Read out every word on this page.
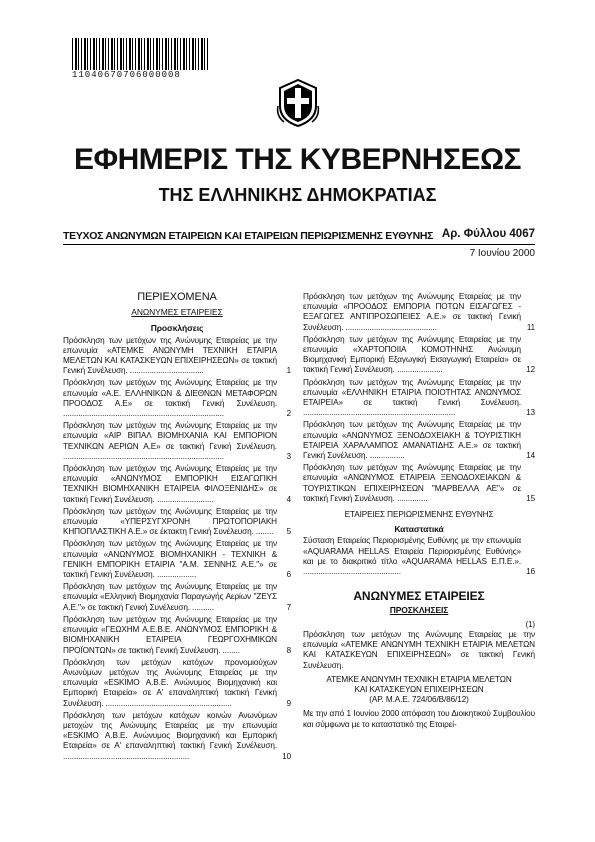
11040670706000008
ΕΦΗΜΕΡΙΣ ΤΗΣ ΚΥΒΕΡΝΗΣΕΩΣ
ΤΗΣ ΕΛΛΗΝΙΚΗΣ ΔΗΜΟΚΡΑΤΙΑΣ
ΤΕΥΧΟΣ ΑΝΩΝΥΜΩΝ ΕΤΑΙΡΕΙΩΝ ΚΑΙ ΕΤΑΙΡΕΙΩΝ ΠΕΡΙΩΡΙΣΜΕΝΗΣ ΕΥΘΥΝΗΣ Αρ. Φύλλου 4067
7 Ιουνίου 2000
ΠΕΡΙΕΧΟΜΕΝΑ
ΑΝΩΝΥΜΕΣ ΕΤΑΙΡΕΙΕΣ
Προσκλήσεις
Πρόσκληση των μετόχων της Ανώνυμης Εταιρείας με την επωνυμία «ΑΤΕΜΚΕ ΑΝΩΝΥΜΗ ΤΕΧΝΙΚΗ ΕΤΑΙΡΙΑ ΜΕΛΕΤΩΝ ΚΑΙ ΚΑΤΑΣΚΕΥΩΝ ΕΠΙΧΕΙΡΗΣΕΩΝ» σε τακτική Γενική Συνέλευση. ..................................	1
Πρόσκληση των μετόχων της Ανώνυμης Εταιρείας με την επωνυμία «Α.Ε. ΕΛΛΗΝΙΚΩΝ & ΔΙΕΘΝΩΝ ΜΕΤΑΦΟΡΩΝ ΠΡΟΟΔΟΣ Α.Ε» σε τακτική Γενική Συνέλευση. ..........................................................................	2
Πρόσκληση των μετόχων της Ανώνυμης Εταιρείας με την επωνυμία «ΑΙΡ ΒΙΠΑΛ ΒΙΟΜΗΧΑΝΙΑ ΚΑΙ ΕΜΠΟΡΙΟΝ ΤΕΧΝΙΚΩΝ ΑΕΡΙΩΝ Α.Ε» σε τακτική Γενική Συνέλευση. ..........................................................................	3
Πρόσκληση των μετόχων της Ανώνυμης Εταιρείας με την επωνυμία «ΑΝΩΝΥΜΟΣ ΕΜΠΟΡΙΚΗ ΕΙΣΑΓΩΓΙΚΗ ΤΕΧΝΙΚΗ ΒΙΟΜΗΧΑΝΙΚΗ ΕΤΑΙΡΕΙΑ ΦΙΛΟΞΕΝΙΔΗΣ» σε τακτική Γενική Συνέλευση. ..........................	4
Πρόσκληση των μετόχων της Ανώνυμης Εταιρείας με την επωνυμία «ΥΠΕΡΣΥΓΧΡΟΝΗ ΠΡΩΤΟΠΟΡΙΑΚΗ ΚΗΠΟΠΛΑΣΤΙΚΗ Α.Ε.» σε έκτακτη Γενική Συνέλευση. ........ 5
Πρόσκληση των μετόχων της Ανώνυμης Εταιρείας με την επωνυμία «ΑΝΩΝΥΜΟΣ ΒΙΟΜΗΧΑΝΙΚΗ - ΤΕΧΝΙΚΗ & ΓΕΝΙΚΗ ΕΜΠΟΡΙΚΗ ΕΤΑΙΡΙΑ "Α.Μ. ΣΕΝΝΗΣ Α.Ε."» σε τακτική Γενική Συνέλευση. ..................	6
Πρόσκληση των μετόχων της Ανώνυμης Εταιρείας με την επωνυμία «Ελληνική Βιομηχανία Παραγωγής Αερίων "ΖΕΥΣ Α.Ε."» σε τακτική Γενική Συνέλευση. ..........	7
Πρόσκληση των μετόχων της Ανώνυμης Εταιρείας με την επωνυμία «ΓΕΩΧΗΜ Α.Ε.Β.Ε. ΑΝΩΝΥΜΟΣ ΕΜΠΟΡΙΚΗ & ΒΙΟΜΗΧΑΝΙΚΗ ΕΤΑΙΡΕΙΑ ΓΕΩΡΓΟΧΗΜΙΚΩΝ ΠΡΟΪΟΝΤΩΝ» σε τακτική Γενική Συνέλευση. ........	8
Πρόσκληση των μετόχων κατόχων προνομιούχων Ανωνύμων μετόχων της Ανώνυμης Εταιρείας με την επωνυμία «ESKIMO Α.Β.Ε. Ανώνυμος Βιομηχανική και Εμπορική Εταιρεία» σε Α' επαναληπτική τακτική Γενική Συνέλευση. ..........................................................	9
Πρόσκληση των μετόχων κατόχων κοινών Ανωνύμων μετοχών της Ανώνυμης Εταιρείας με την επωνυμία «ESKIMO Α.Β.Ε. Ανώνυμος Βιομηχανική και Εμπορική Εταιρεία» σε Α' επαναληπτική τακτική Γενική Συνέλευση. ..........................................................	10
Πρόσκληση των μετόχων της Ανώνυμης Εταιρείας με την επωνυμία «ΠΡΟΟΔΟΣ ΕΜΠΟΡΙΑ ΠΟΤΩΝ ΕΙΣΑΓΩΓΕΣ - ΕΞΑΓΩΓΕΣ ΑΝΤΙΠΡΟΣΩΠΕΙΕΣ Α.Ε.» σε τακτική Γενική Συνέλευση. ..........................................	11
Πρόσκληση των μετόχων της Ανώνυμης Εταιρείας με την επωνυμία «ΧΑΡΤΟΠΟΙΙΑ ΚΟΜΟΤΗΝΗΣ Ανώνυμη Βιομηχανική Εμπορική Εξαγωγική Εισαγωγική Εταιρεία» σε τακτική Γενική Συνέλευση. .....................	12
Πρόσκληση των μετόχων της Ανώνυμης Εταιρείας με την επωνυμία «ΕΛΛΗΝΙΚΗ ΕΤΑΙΡΙΑ ΠΟΙΟΤΗΤΑΣ ΑΝΩΝΥΜΟΣ ΕΤΑΙΡΕΙΑ» σε τακτική Γενική Συνέλευση. ......................................................................	13
Πρόσκληση των μετόχων της Ανώνυμης Εταιρείας με την επωνυμία «ΑΝΩΝΥΜΟΣ ΞΕΝΟΔΟΧΕΙΑΚΗ & ΤΟΥΡΙΣΤΙΚΗ ΕΤΑΙΡΕΙΑ ΧΑΡΑΛΑΜΠΟΣ ΑΜΑΝΑΤΙΔΗΣ Α.Ε.» σε τακτική Γενική Συνέλευση. ................	14
Πρόσκληση των μετόχων της Ανώνυμης Εταιρείας με την επωνυμία «ΑΝΩΝΥΜΟΣ ΕΤΑΙΡΕΙΑ ΞΕΝΟΔΟΧΕΙΑΚΩΝ & ΤΟΥΡΙΣΤΙΚΩΝ ΕΠΙΧΕΙΡΗΣΕΩΝ "ΜΑΡΒΕΛΛΑ ΑΕ"» σε τακτική Γενική Συνέλευση. ..............	15
ΕΤΑΙΡΕΙΕΣ ΠΕΡΙΩΡΙΣΜΕΝΗΣ ΕΥΘΥΝΗΣ
Καταστατικά
Σύσταση Εταιρείας Περιορισμένης Ευθύνης με την επωνυμία «AQUARAMA HELLAS Εταιρεία Περιορισμένης Ευθύνης» και με το διακριτικό τίτλο «AQUARAMA HELLAS Ε.Π.Ε.». .............................................	16
ΑΝΩΝΥΜΕΣ ΕΤΑΙΡΕΙΕΣ
ΠΡΟΣΚΛΗΣΕΙΣ
(1)
Πρόσκληση των μετόχων της Ανώνυμης Εταιρείας με την επωνυμία «ΑΤΕΜΚΕ ΑΝΩΝΥΜΗ ΤΕΧΝΙΚΗ ΕΤΑΙΡΙΑ ΜΕΛΕΤΩΝ ΚΑΙ ΚΑΤΑΣΚΕΥΩΝ ΕΠΙΧΕΙΡΗΣΕΩΝ» σε τακτική Γενική Συνέλευση.
ΑΤΕΜΚΕ ΑΝΩΝΥΜΗ ΤΕΧΝΙΚΗ ΕΤΑΙΡΙΑ ΜΕΛΕΤΩΝ
ΚΑΙ ΚΑΤΑΣΚΕΥΩΝ ΕΠΙΧΕΙΡΗΣΕΩΝ
(ΑΡ. Μ.Α.Ε. 724/06/Β/86/12)
Με την από 1 Ιουνίου 2000 απόφαση του Διοικητικού Συμβουλίου και σύμφωνα με το καταστατικό της Εταιρεί-
